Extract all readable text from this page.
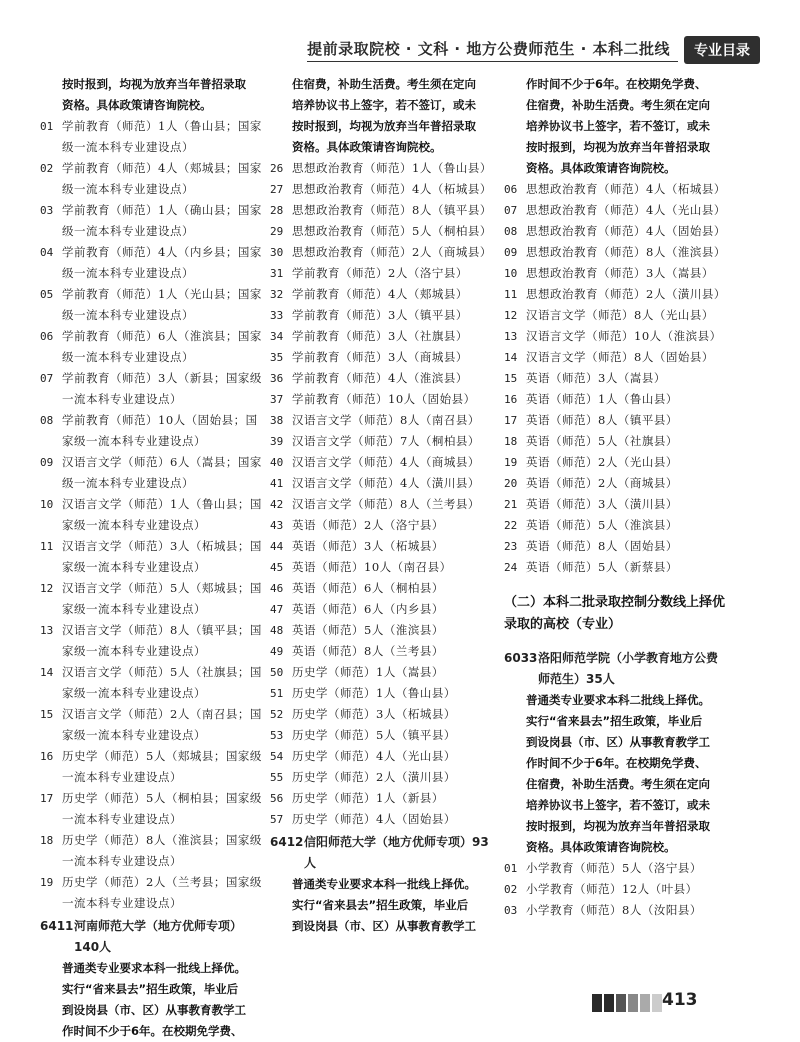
提前录取院校 · 文科 · 地方公费师范生 · 本科二批线	专业目录

按时报到，均视为放弃当年普招录取

资格。具体政策请咨询院校。

01 学前教育（师范）1人（鲁山县；国家级一流本科专业建设点）
02 学前教育（师范）4人（郏城县；国家级一流本科专业建设点）
03 学前教育（师范）1人（确山县；国家级一流本科专业建设点）
04 学前教育（师范）4人（内乡县；国家级一流本科专业建设点）
05 学前教育（师范）1人（光山县；国家级一流本科专业建设点）
06 学前教育（师范）6人（淮滨县；国家级一流本科专业建设点）
07 学前教育（师范）3人（新县；国家级一流本科专业建设点）
08 学前教育（师范）10人（固始县；国家级一流本科专业建设点）
09 汉语言文学（师范）6人（嵩县；国家级一流本科专业建设点）
10 汉语言文学（师范）1人（鲁山县；国家级一流本科专业建设点）
11 汉语言文学（师范）3人（柘城县；国家级一流本科专业建设点）
12 汉语言文学（师范）5人（郏城县；国家级一流本科专业建设点）
13 汉语言文学（师范）8人（镇平县；国家级一流本科专业建设点）
14 汉语言文学（师范）5人（社旗县；国家级一流本科专业建设点）
15 汉语言文学（师范）2人（南召县；国家级一流本科专业建设点）
16 历史学（师范）5人（郏城县；国家级一流本科专业建设点）
17 历史学（师范）5人（桐柏县；国家级一流本科专业建设点）
18 历史学（师范）8人（淮滨县；国家级一流本科专业建设点）
19 历史学（师范）2人（兰考县；国家级一流本科专业建设点）
6411 河南师范大学（地方优师专项）140人

普通类专业要求本科一批线上择优。

实行“省来县去”招生政策，毕业后

到设岗县（市、区）从事教育教学工

作时间不少于6年。在校期免学费、

住宿费，补助生活费。考生须在定向

培养协议书上签字，若不签订，或未

按时报到，均视为放弃当年普招录取

资格。具体政策请咨询院校。

26 思想政治教育（师范）1人（鲁山县）
27 思想政治教育（师范）4人（柘城县）
28 思想政治教育（师范）8人（镇平县）
29 思想政治教育（师范）5人（桐柏县）
30 思想政治教育（师范）2人（商城县）
31 学前教育（师范）2人（洛宁县）
32 学前教育（师范）4人（郏城县）
33 学前教育（师范）3人（镇平县）
34 学前教育（师范）3人（社旗县）
35 学前教育（师范）3人（商城县）
36 学前教育（师范）4人（淮滨县）
37 学前教育（师范）10人（固始县）
38 汉语言文学（师范）8人（南召县）
39 汉语言文学（师范）7人（桐柏县）
40 汉语言文学（师范）4人（商城县）
41 汉语言文学（师范）4人（潢川县）
42 汉语言文学（师范）8人（兰考县）
43 英语（师范）2人（洛宁县）
44 英语（师范）3人（柘城县）
45 英语（师范）10人（南召县）
46 英语（师范）6人（桐柏县）
47 英语（师范）6人（内乡县）
48 英语（师范）5人（淮滨县）
49 英语（师范）8人（兰考县）
50 历史学（师范）1人（嵩县）
51 历史学（师范）1人（鲁山县）
52 历史学（师范）3人（柘城县）
53 历史学（师范）5人（镇平县）
54 历史学（师范）4人（光山县）
55 历史学（师范）2人（潢川县）
56 历史学（师范）1人（新县）
57 历史学（师范）4人（固始县）
6412 信阳师范大学（地方优师专项）93人

普通类专业要求本科一批线上择优。

实行“省来县去”招生政策，毕业后

到设岗县（市、区）从事教育教学工

作时间不少于6年。在校期免学费、

住宿费，补助生活费。考生须在定向

培养协议书上签字，若不签订，或未

按时报到，均视为放弃当年普招录取

资格。具体政策请咨询院校。

06 思想政治教育（师范）4人（柘城县）
07 思想政治教育（师范）4人（光山县）
08 思想政治教育（师范）4人（固始县）
09 思想政治教育（师范）8人（淮滨县）
10 思想政治教育（师范）3人（嵩县）
11 思想政治教育（师范）2人（潢川县）
12 汉语言文学（师范）8人（光山县）
13 汉语言文学（师范）10人（淮滨县）
14 汉语言文学（师范）8人（固始县）
15 英语（师范）3人（嵩县）
16 英语（师范）1人（鲁山县）
17 英语（师范）8人（镇平县）
18 英语（师范）5人（社旗县）
19 英语（师范）2人（光山县）
20 英语（师范）2人（商城县）
21 英语（师范）3人（潢川县）
22 英语（师范）5人（淮滨县）
23 英语（师范）8人（固始县）
24 英语（师范）5人（新蔡县）
（二）本科二批录取控制分数线上择优录取的高校（专业）
6033 洛阳师范学院（小学教育地方公费师范生）35人

普通类专业要求本科二批线上择优。

实行“省来县去”招生政策，毕业后

到设岗县（市、区）从事教育教学工

作时间不少于6年。在校期免学费、

住宿费，补助生活费。考生须在定向

培养协议书上签字，若不签订，或未

按时报到，均视为放弃当年普招录取

资格。具体政策请咨询院校。

01 小学教育（师范）5人（洛宁县）
02 小学教育（师范）12人（叶县）
03 小学教育（师范）8人（汝阳县）
413
